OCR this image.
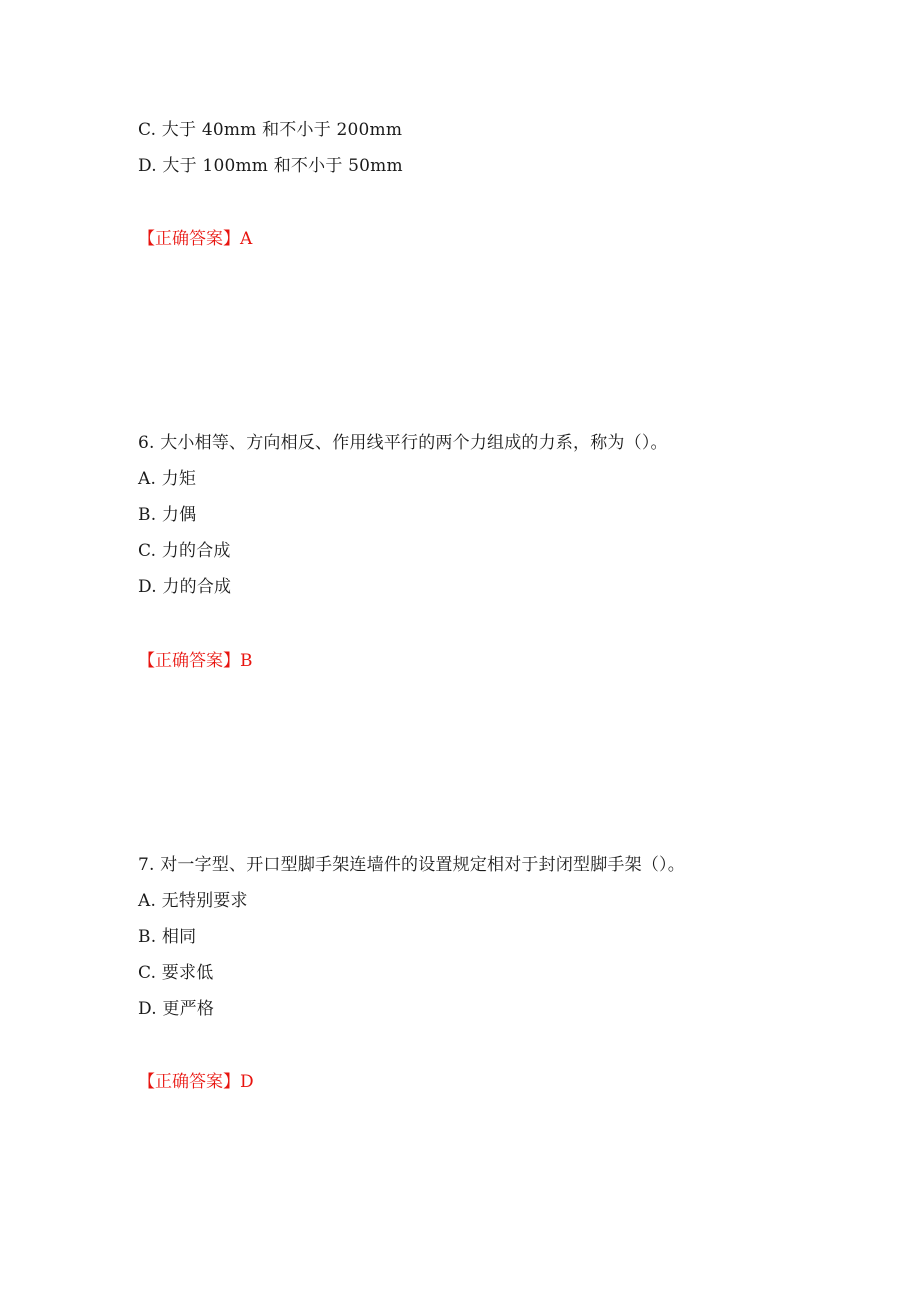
C. 大于 40mm 和不小于 200mm
D. 大于 100mm 和不小于 50mm
【正确答案】A
6. 大小相等、方向相反、作用线平行的两个力组成的力系，称为（）。
A. 力矩
B. 力偶
C. 力的合成
D. 力的合成
【正确答案】B
7. 对一字型、开口型脚手架连墙件的设置规定相对于封闭型脚手架（）。
A. 无特别要求
B. 相同
C. 要求低
D. 更严格
【正确答案】D
